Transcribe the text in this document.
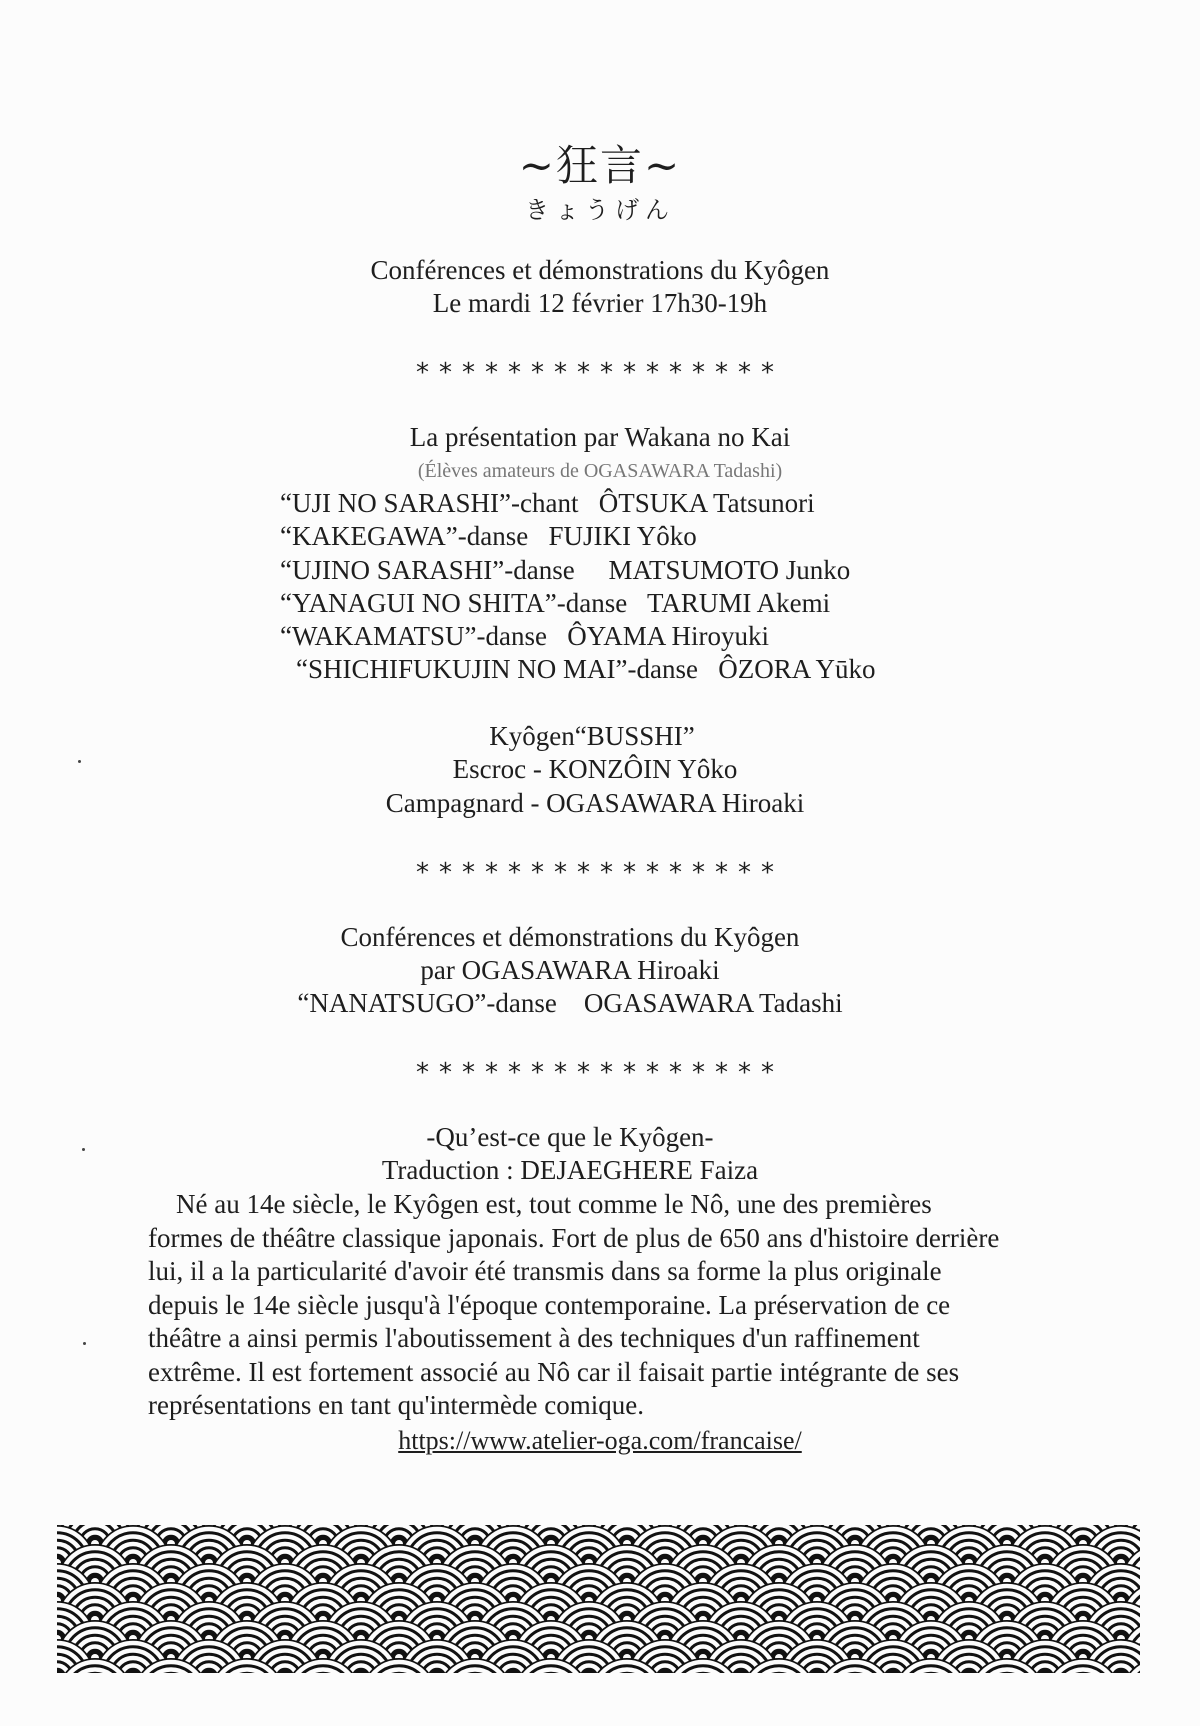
~狂言~
きょうげん
Conférences et démonstrations du Kyôgen
Le mardi 12 février 17h30-19h
****************
La présentation par Wakana no Kai
(Élèves amateurs de OGASAWARA Tadashi)
“UJI NO SARASHI”-chant ÔTSUKA Tatsunori
“KAKEGAWA”-danse FUJIKI Yôko
“UJINO SARASHI”-danse MATSUMOTO Junko
“YANAGUI NO SHITA”-danse TARUMI Akemi
“WAKAMATSU”-danse ÔYAMA Hiroyuki
“SHICHIFUKUJIN NO MAI”-danse ÔZORA Yūko
Kyôgen“BUSSHI”
Escroc - KONZÔIN Yôko
Campagnard - OGASAWARA Hiroaki
****************
Conférences et démonstrations du Kyôgen
par OGASAWARA Hiroaki
“NANATSUGO”-danse OGASAWARA Tadashi
****************
-Qu’est-ce que le Kyôgen-
Traduction : DEJAEGHERE Faiza
Né au 14e siècle, le Kyôgen est, tout comme le Nô, une des premières formes de théâtre classique japonais. Fort de plus de 650 ans d'histoire derrière lui, il a la particularité d'avoir été transmis dans sa forme la plus originale depuis le 14e siècle jusqu'à l'époque contemporaine. La préservation de ce théâtre a ainsi permis l'aboutissement à des techniques d'un raffinement extrême. Il est fortement associé au Nô car il faisait partie intégrante de ses représentations en tant qu'intermède comique.
https://www.atelier-oga.com/francaise/
